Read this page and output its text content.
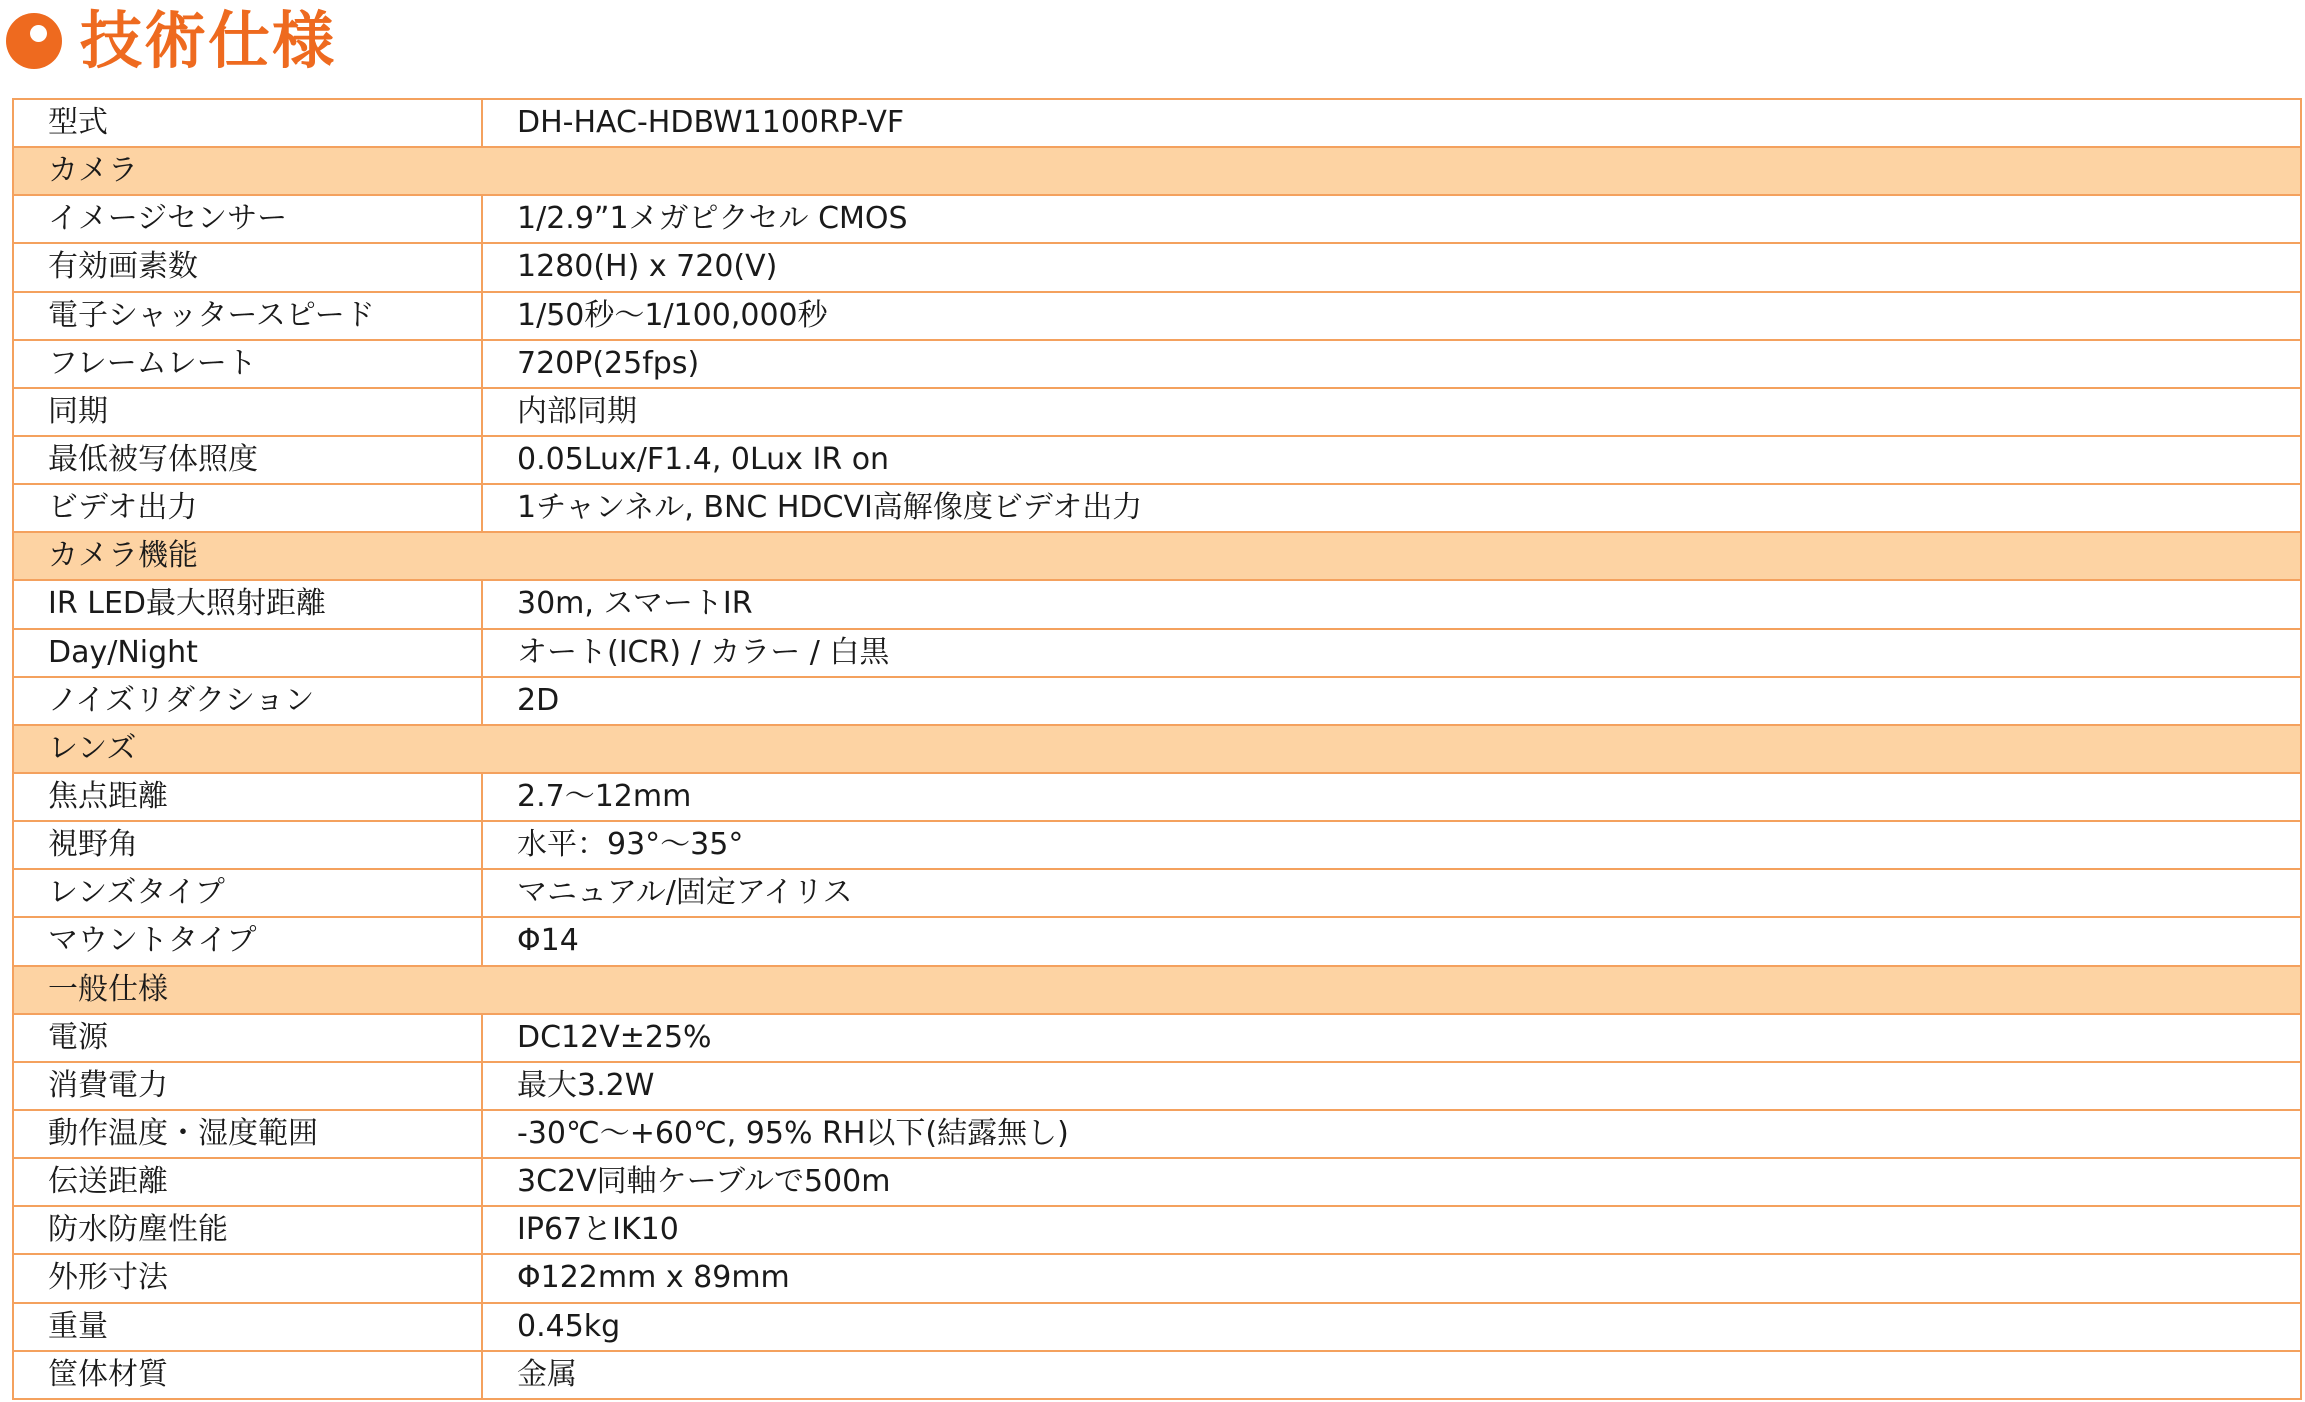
技術仕様
型式	DH-HAC-HDBW1100RP-VF
カメラ	
イメージセンサー	1/2.9”1メガピクセル CMOS
有効画素数	1280(H) x 720(V)
電子シャッタースピード	1/50秒〜1/100,000秒
フレームレート	720P(25fps)
同期	内部同期
最低被写体照度	0.05Lux/F1.4, 0Lux IR on
ビデオ出力	1チャンネル, BNC HDCVI高解像度ビデオ出力
カメラ機能	
IR LED最大照射距離	30m, スマートIR
Day/Night	オート(ICR) / カラー / 白黒
ノイズリダクション	2D
レンズ	
焦点距離	2.7〜12mm
視野角	水平：93°〜35°
レンズタイプ	マニュアル/固定アイリス
マウントタイプ	Φ14
一般仕様	
電源	DC12V±25%
消費電力	最大3.2W
動作温度・湿度範囲	-30℃〜+60℃, 95% RH以下(結露無し)
伝送距離	3C2V同軸ケーブルで500m
防水防塵性能	IP67とIK10
外形寸法	Φ122mm x 89mm
重量	0.45kg
筐体材質	金属
